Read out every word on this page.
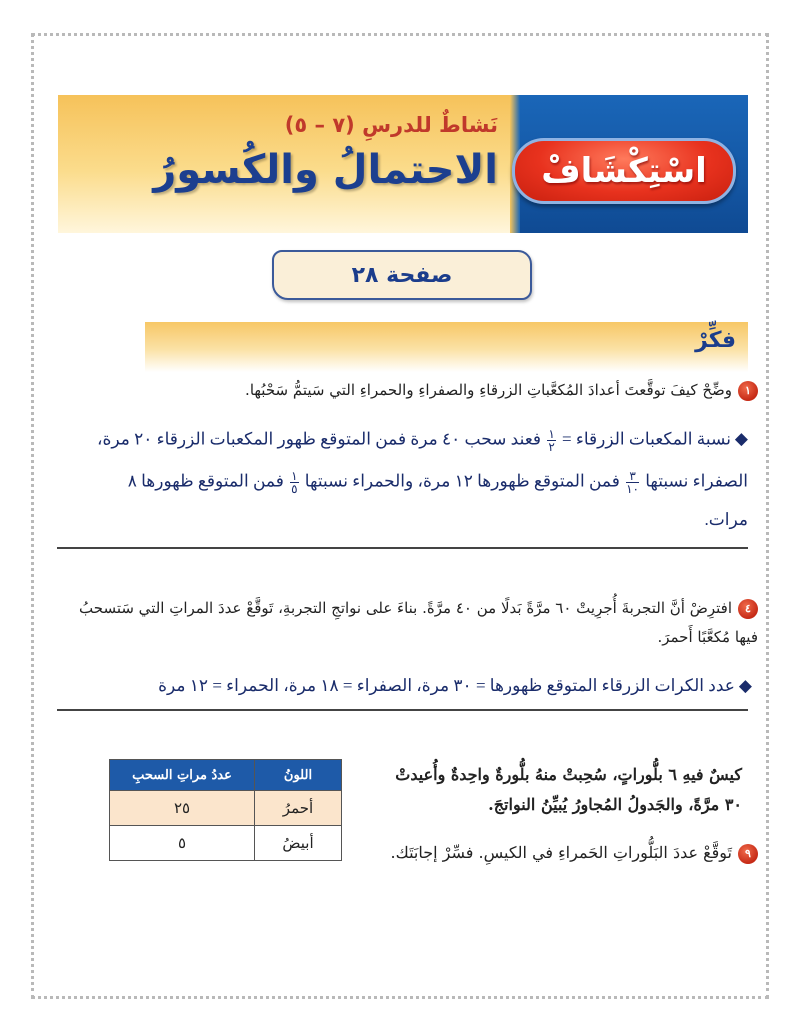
اسْتِكْشَافْ
نَشاطٌ للدرسِ (٧ – ٥)
الاحتمالُ والكُسورُ
صفحة ٢٨
فكِّرْ
١وضِّحْ كيفَ توقَّعتَ أعدادَ المُكعَّباتِ الزرقاءِ والصفراءِ والحمراءِ التي سَيتمُّ سَحْبُها.
◆نسبة المكعبات الزرقاء =
$\frac{١}{٢}$
فعند سحب ٤٠ مرة فمن المتوقع ظهور المكعبات الزرقاء ٢٠ مرة،
الصفراء نسبتها
$\frac{٣}{١٠}$
فمن المتوقع ظهورها ١٢ مرة، والحمراء نسبتها
$\frac{١}{٥}$
فمن المتوقع ظهورها ٨
مرات.
٤افترِضْ أنَّ التجربةَ أُجرِيتْ ٦٠ مرَّةً بَدلًا من ٤٠ مرَّةً. بناءَ على نواتجِ التجربةِ، تَوقَّعْ عددَ المراتِ التي سَتسحبُ فيها مُكعَّبًا أَحمرَ.
◆عدد الكرات الزرقاء المتوقع ظهورها = ٣٠ مرة، الصفراء = ١٨ مرة، الحمراء = ١٢ مرة
اللونُ	عددُ مراتِ السحبِ
أحمرُ	٢٥
أبيضُ	٥
كيسٌ فيهِ ٦ بلُّوراتٍ، سُحِبتْ منهُ بلُّورةٌ واحِدةٌ وأُعيدتْ
٣٠ مرَّةً، والجَدولُ المُجاورُ يُبيِّنُ النواتجَ.
٩تَوقَّعْ عددَ البَلُّوراتِ الحَمراءِ في الكيسِ. فسِّرْ إجابَتَك.
